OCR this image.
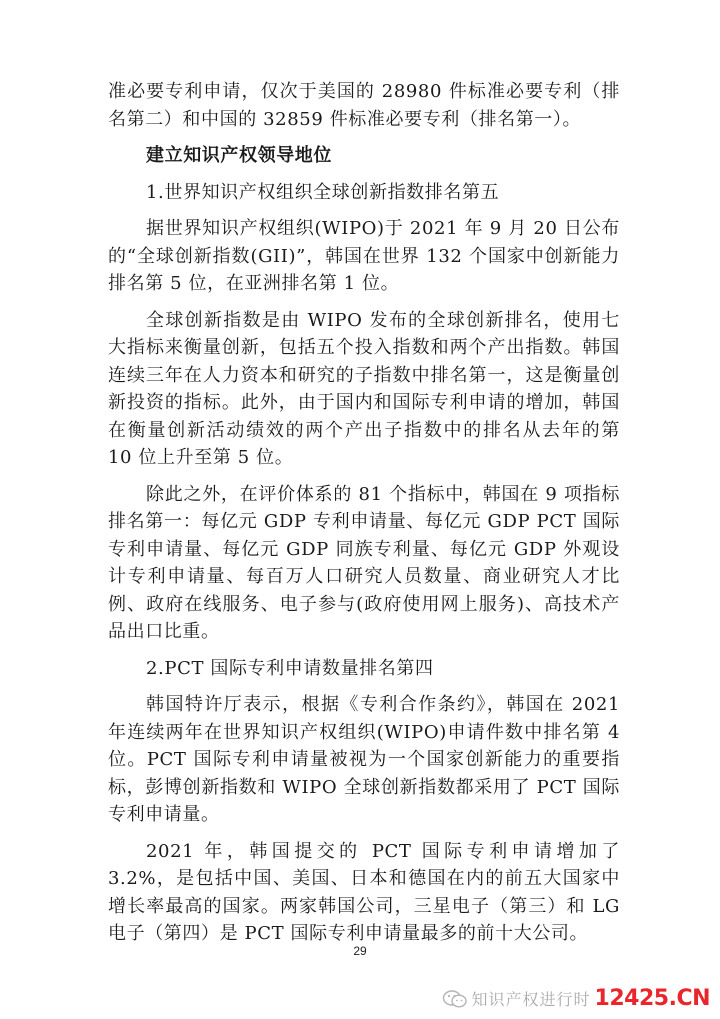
准必要专利申请，仅次于美国的 28980 件标准必要专利（排名第二）和中国的 32859 件标准必要专利（排名第一）。

建立知识产权领导地位

1.世界知识产权组织全球创新指数排名第五

据世界知识产权组织(WIPO)于 2021 年 9 月 20 日公布的“全球创新指数(GII)”，韩国在世界 132 个国家中创新能力排名第 5 位，在亚洲排名第 1 位。

全球创新指数是由 WIPO 发布的全球创新排名，使用七大指标来衡量创新，包括五个投入指数和两个产出指数。韩国连续三年在人力资本和研究的子指数中排名第一，这是衡量创新投资的指标。此外，由于国内和国际专利申请的增加，韩国在衡量创新活动绩效的两个产出子指数中的排名从去年的第 10 位上升至第 5 位。

除此之外，在评价体系的 81 个指标中，韩国在 9 项指标排名第一：每亿元 GDP 专利申请量、每亿元 GDP PCT 国际专利申请量、每亿元 GDP 同族专利量、每亿元 GDP 外观设计专利申请量、每百万人口研究人员数量、商业研究人才比例、政府在线服务、电子参与(政府使用网上服务)、高技术产品出口比重。

2.PCT 国际专利申请数量排名第四

韩国特许厅表示，根据《专利合作条约》，韩国在 2021 年连续两年在世界知识产权组织(WIPO)申请件数中排名第 4 位。PCT 国际专利申请量被视为一个国家创新能力的重要指标，彭博创新指数和 WIPO 全球创新指数都采用了 PCT 国际专利申请量。

2021 年，韩国提交的 PCT 国际专利申请增加了 3.2%，是包括中国、美国、日本和德国在内的前五大国家中增长率最高的国家。两家韩国公司，三星电子（第三）和 LG 电子（第四）是 PCT 国际专利申请量最多的前十大公司。

29
知识产权进行时 12425.CN
